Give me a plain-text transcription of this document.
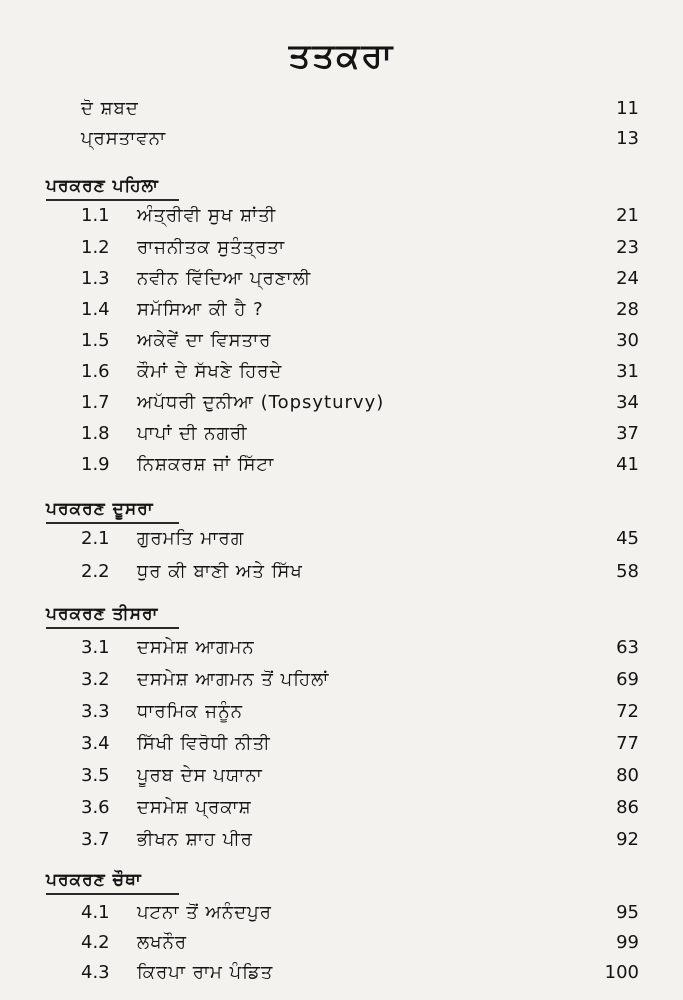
ਤਤਕਰਾ
ਦੋ ਸ਼ਬਦ	11
ਪ੍ਰਸਤਾਵਨਾ	13
ਪਰਕਰਣ ਪਹਿਲਾ
1.1 ਅੰਤ੍ਰੀਵੀ ਸੁਖ ਸ਼ਾਂਤੀ	21
1.2 ਰਾਜਨੀਤਕ ਸੁਤੰਤ੍ਰਤਾ	23
1.3 ਨਵੀਨ ਵਿੱਦਿਆ ਪ੍ਰਣਾਲੀ	24
1.4 ਸਮੱਸਿਆ ਕੀ ਹੈ ?	28
1.5 ਅਕੇਵੇਂ ਦਾ ਵਿਸਤਾਰ	30
1.6 ਕੌਮਾਂ ਦੇ ਸੱਖਣੇ ਹਿਰਦੇ	31
1.7 ਅਪੱਧਰੀ ਦੁਨੀਆ (Topsyturvy)	34
1.8 ਪਾਪਾਂ ਦੀ ਨਗਰੀ	37
1.9 ਨਿਸ਼ਕਰਸ਼ ਜਾਂ ਸਿੱਟਾ	41
ਪਰਕਰਣ ਦੂਸਰਾ
2.1 ਗੁਰਮਤਿ ਮਾਰਗ	45
2.2 ਧੁਰ ਕੀ ਬਾਣੀ ਅਤੇ ਸਿੱਖ	58
ਪਰਕਰਣ ਤੀਸਰਾ
3.1 ਦਸਮੇਸ਼ ਆਗਮਨ	63
3.2 ਦਸਮੇਸ਼ ਆਗਮਨ ਤੋਂ ਪਹਿਲਾਂ	69
3.3 ਧਾਰਮਿਕ ਜਨੂੰਨ	72
3.4 ਸਿੱਖੀ ਵਿਰੋਧੀ ਨੀਤੀ	77
3.5 ਪੂਰਬ ਦੇਸ ਪਯਾਨਾ	80
3.6 ਦਸਮੇਸ਼ ਪ੍ਰਕਾਸ਼	86
3.7 ਭੀਖਨ ਸ਼ਾਹ ਪੀਰ	92
ਪਰਕਰਣ ਚੌਥਾ
4.1 ਪਟਨਾ ਤੋਂ ਅਨੰਦਪੁਰ	95
4.2 ਲਖਨੌਰ	99
4.3 ਕਿਰਪਾ ਰਾਮ ਪੰਡਿਤ	100
